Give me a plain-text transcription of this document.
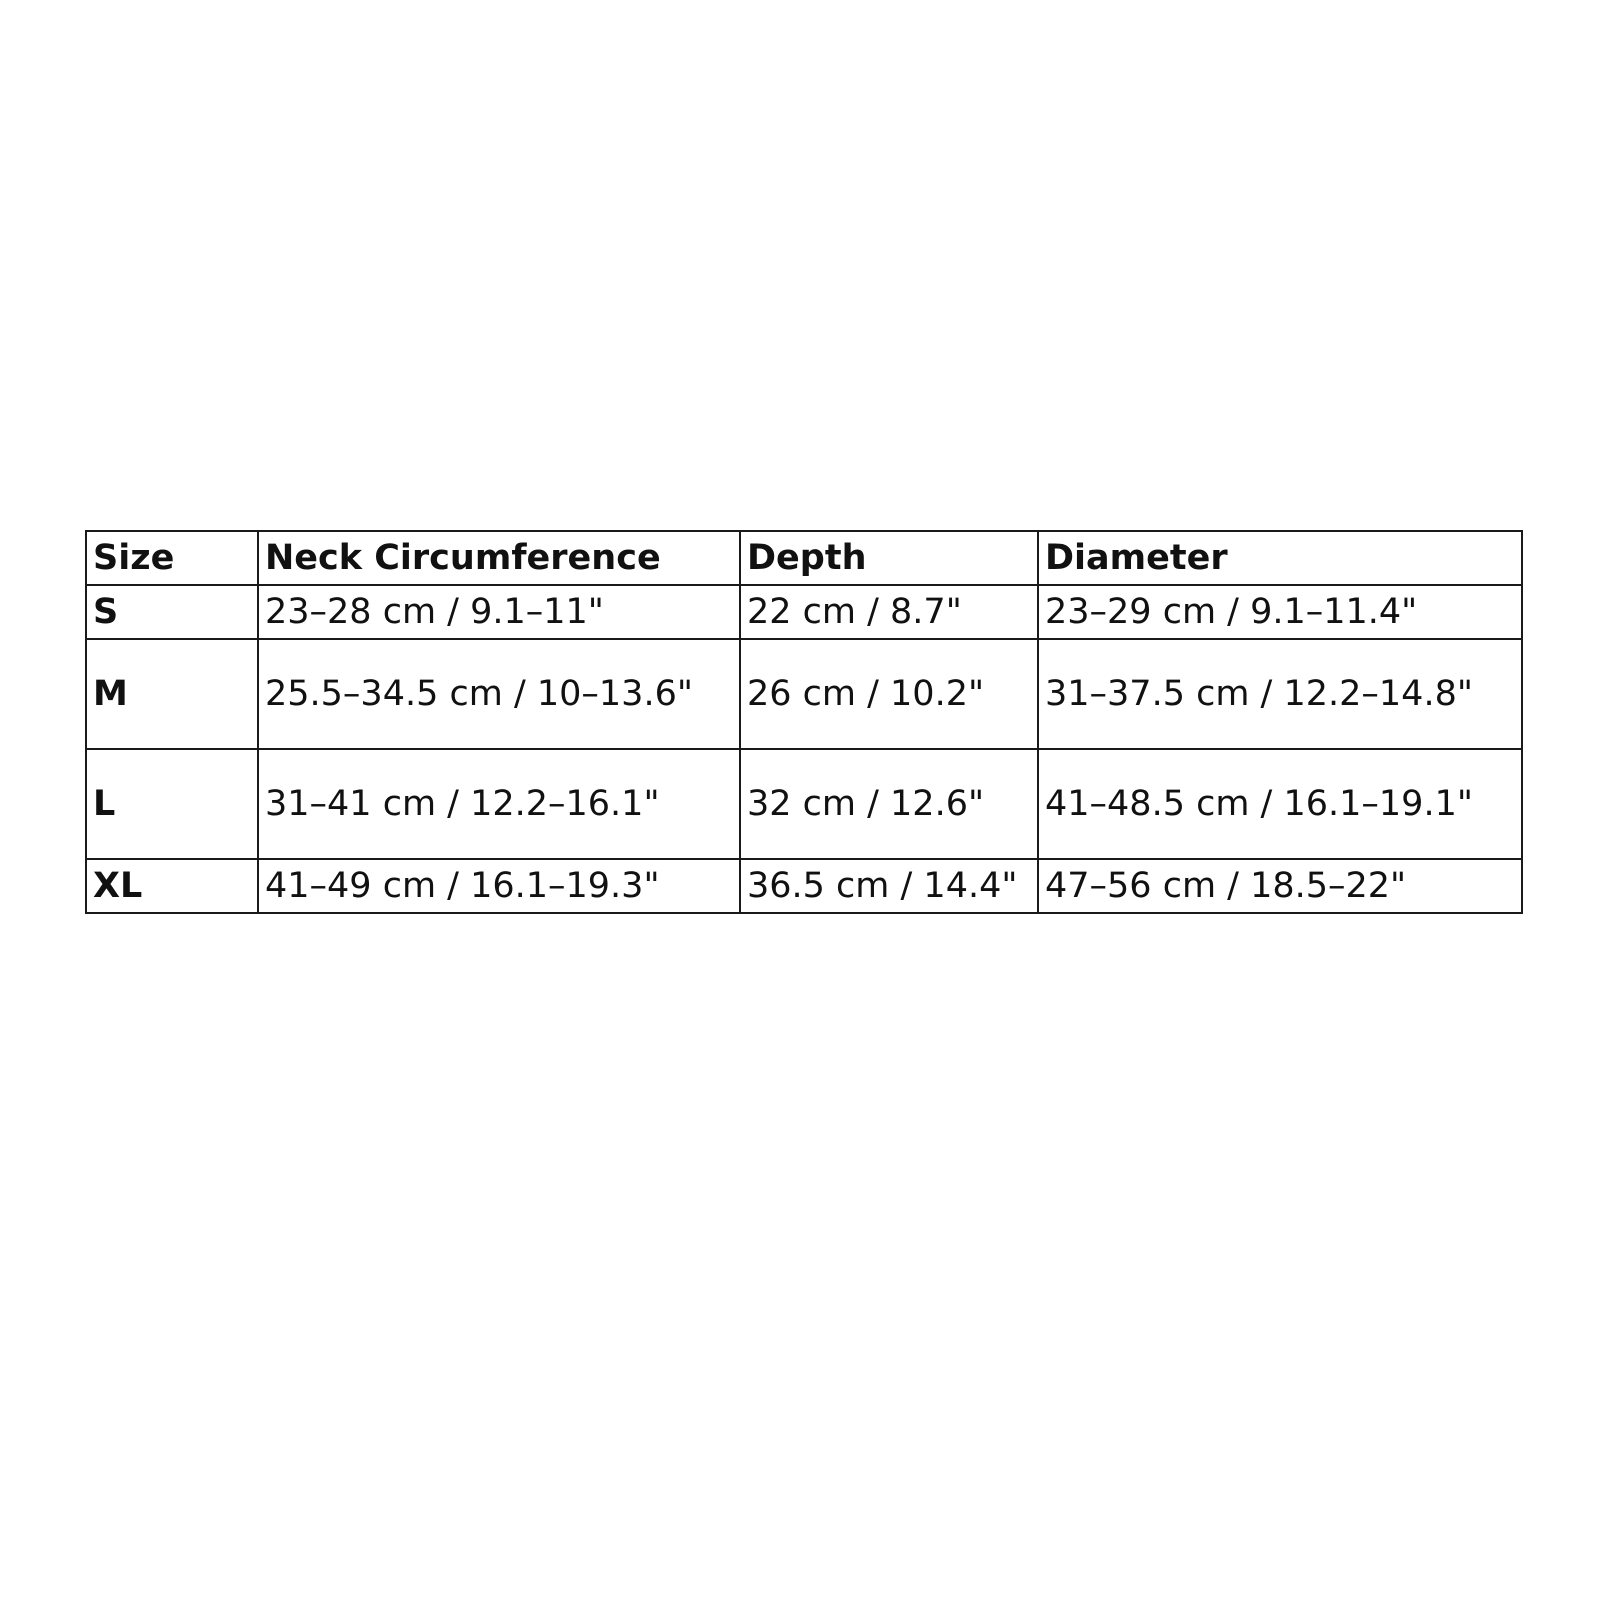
Size	Neck Circumference	Depth	Diameter
S	23–28 cm / 9.1–11"	22 cm / 8.7"	23–29 cm / 9.1–11.4"
M	25.5–34.5 cm / 10–13.6"	26 cm / 10.2"	31–37.5 cm / 12.2–14.8"
L	31–41 cm / 12.2–16.1"	32 cm / 12.6"	41–48.5 cm / 16.1–19.1"
XL	41–49 cm / 16.1–19.3"	36.5 cm / 14.4"	47–56 cm / 18.5–22"
